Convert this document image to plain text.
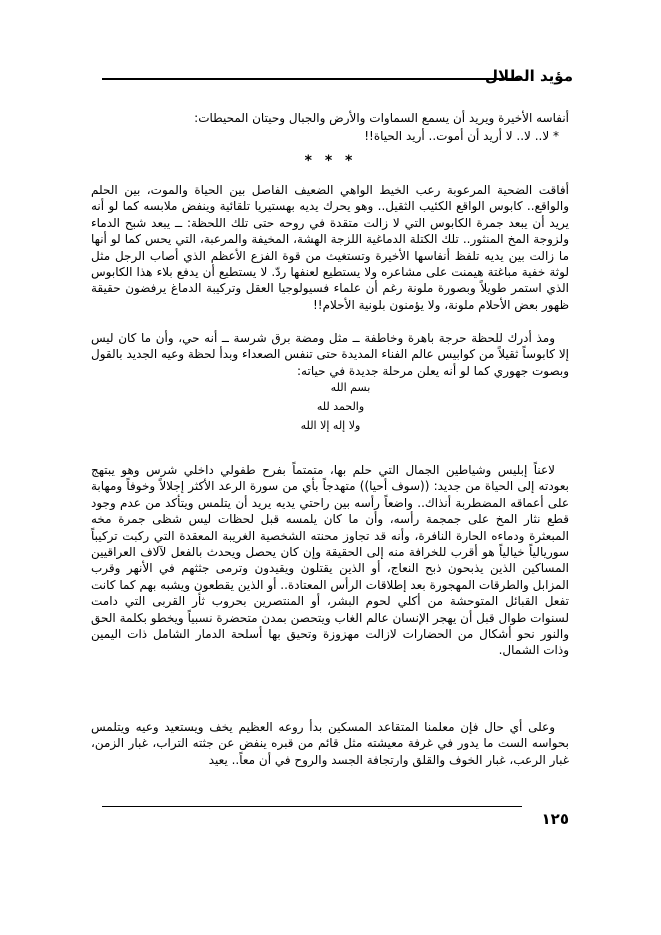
مؤيد الطلال
أنفاسه الأخيرة ويريد أن يسمع السماوات والأرض والجبال وحيتان المحيطات:
* لا.. لا.. لا أريد أن أموت.. أريد الحياة!!
* * *
أفاقت الضحية المرعوبة رعب الخيط الواهي الضعيف الفاصل بين الحياة والموت، بين الحلم والواقع.. كابوس الواقع الكئيب الثقيل.. وهو يحرك يديه بهستيريا تلقائية وينفض ملابسه كما لو أنه يريد أن يبعد جمرة الكابوس التي لا زالت متقدة في روحه حتى تلك اللحظة: ــ يبعد شبح الدماء ولزوجة المخ المنثور.. تلك الكتلة الدماغية اللزجة الهشة، المخيفة والمرعبة، التي يحس كما لو أنها ما زالت بين يديه تلفظ أنفاسها الأخيرة وتستغيث من قوة الفزع الأعظم الذي أصاب الرجل مثل لوثة خفية مباغتة هيمنت على مشاعره ولا يستطيع لعنفها ردّ. لا يستطيع أن يدفع بلاء هذا الكابوس الذي استمر طويلاً وبصورة ملونة رغم أن علماء فسيولوجيا العقل وتركيبة الدماغ يرفضون حقيقة ظهور بعض الأحلام ملونة، ولا يؤمنون بلونية الأحلام!!
ومذ أدرك للحظة حرجة باهرة وخاطفة ــ مثل ومضة برق شرسة ــ أنه حي، وأن ما كان ليس إلا كابوساً ثقيلاً من كوابيس عالم الفناء المديدة حتى تنفس الصعداء وبدأ لحظة وعيه الجديد بالقول وبصوت جهوري كما لو أنه يعلن مرحلة جديدة في حياته:
بسم الله
والحمد لله
ولا إله إلا الله
لاعناً إبليس وشياطين الجمال التي حلم بها، متمتماً بفرح طفولي داخلي شرس وهو يبتهج بعودته إلى الحياة من جديد: ((سوف أحيا)) متهدجاً بأي من سورة الرعد الأكثر إجلالاً وخوفاً ومهابة على أعماقه المضطربة أنذاك.. واضعاً رأسه بين راحتي يديه يريد أن يتلمس ويتأكد من عدم وجود قطع نثار المخ على جمجمة رأسه، وأن ما كان يلمسه قبل لحظات ليس شظى جمرة مخه المبعثرة ودماءه الحارة النافرة، وأنه قد تجاوز محنته الشخصية الغريبة المعقدة التي ركبت تركيباً سوريالياً خيالياً هو أقرب للخرافة منه إلى الحقيقة وإن كان يحصل ويحدث بالفعل لآلاف العراقيين المساكين الذين يذبحون ذبح النعاج، أو الذين يقتلون ويقيدون وترمى جثثهم في الأنهر وقرب المزابل والطرقات المهجورة بعد إطلاقات الرأس المعتادة.. أو الذين يقطعون ويشبه بهم كما كانت تفعل القبائل المتوحشة من أكلي لحوم البشر، أو المنتصرين بحروب ثأر القربى التي دامت لسنوات طوال قبل أن يهجر الإنسان عالم الغاب ويتحصن بمدن متحضرة نسبياً ويخطو بكلمة الحق والنور نحو أشكال من الحضارات لازالت مهزوزة وتحيق بها أسلحة الدمار الشامل ذات اليمين وذات الشمال.
وعلى أي حال فإن معلمنا المتقاعد المسكين بدأ روعه العظيم يخف ويستعيد وعيه ويتلمس بحواسه الست ما يدور في غرفة معيشته مثل قائم من قبره ينفض عن جثته التراب، غبار الزمن، غبار الرعب، غبار الخوف والقلق وارتجافة الجسد والروح في أن معاً.. يعيد
١٢٥
